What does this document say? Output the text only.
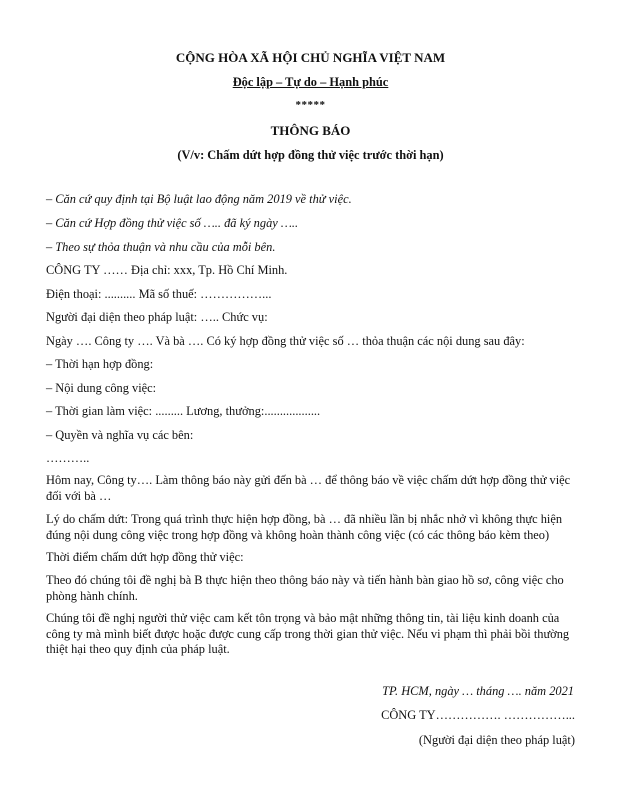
CỘNG HÒA XÃ HỘI CHỦ NGHĨA VIỆT NAM
Độc lập – Tự do – Hạnh phúc
*****
THÔNG BÁO
(V/v: Chấm dứt hợp đồng thử việc trước thời hạn)
– Căn cứ quy định tại Bộ luật lao động năm 2019 về thử việc.
– Căn cứ Hợp đồng thử việc số ….. đã ký ngày …..
– Theo sự thỏa thuận và nhu cầu của mỗi bên.
CÔNG TY …… Địa chỉ: xxx, Tp. Hồ Chí Minh.
Điện thoại: .......... Mã số thuế: ……………...
Người đại diện theo pháp luật: ….. Chức vụ:
Ngày …. Công ty …. Và bà …. Có ký hợp đồng thử việc số … thỏa thuận các nội dung sau đây:
– Thời hạn hợp đồng:
– Nội dung công việc:
– Thời gian làm việc: ......... Lương, thưởng:..................
– Quyền và nghĩa vụ các bên:
………..
Hôm nay, Công ty…. Làm thông báo này gửi đến bà … để thông báo về việc chấm dứt hợp đồng thử việc đối với bà …
Lý do chấm dứt: Trong quá trình thực hiện hợp đồng, bà … đã nhiều lần bị nhắc nhở vì không thực hiện đúng nội dung công việc trong hợp đồng và không hoàn thành công việc (có các thông báo kèm theo)
Thời điểm chấm dứt hợp đồng thử việc:
Theo đó chúng tôi đề nghị bà B thực hiện theo thông báo này và tiến hành bàn giao hồ sơ, công việc cho phòng hành chính.
Chúng tôi đề nghị người thử việc cam kết tôn trọng và bảo mật những thông tin, tài liệu kinh doanh của công ty mà mình biết được hoặc được cung cấp trong thời gian thử việc. Nếu vi phạm thì phải bồi thường thiệt hại theo quy định của pháp luật.
TP. HCM, ngày … tháng …. năm 2021
CÔNG TY……………. ……………...
(Người đại diện theo pháp luật)
